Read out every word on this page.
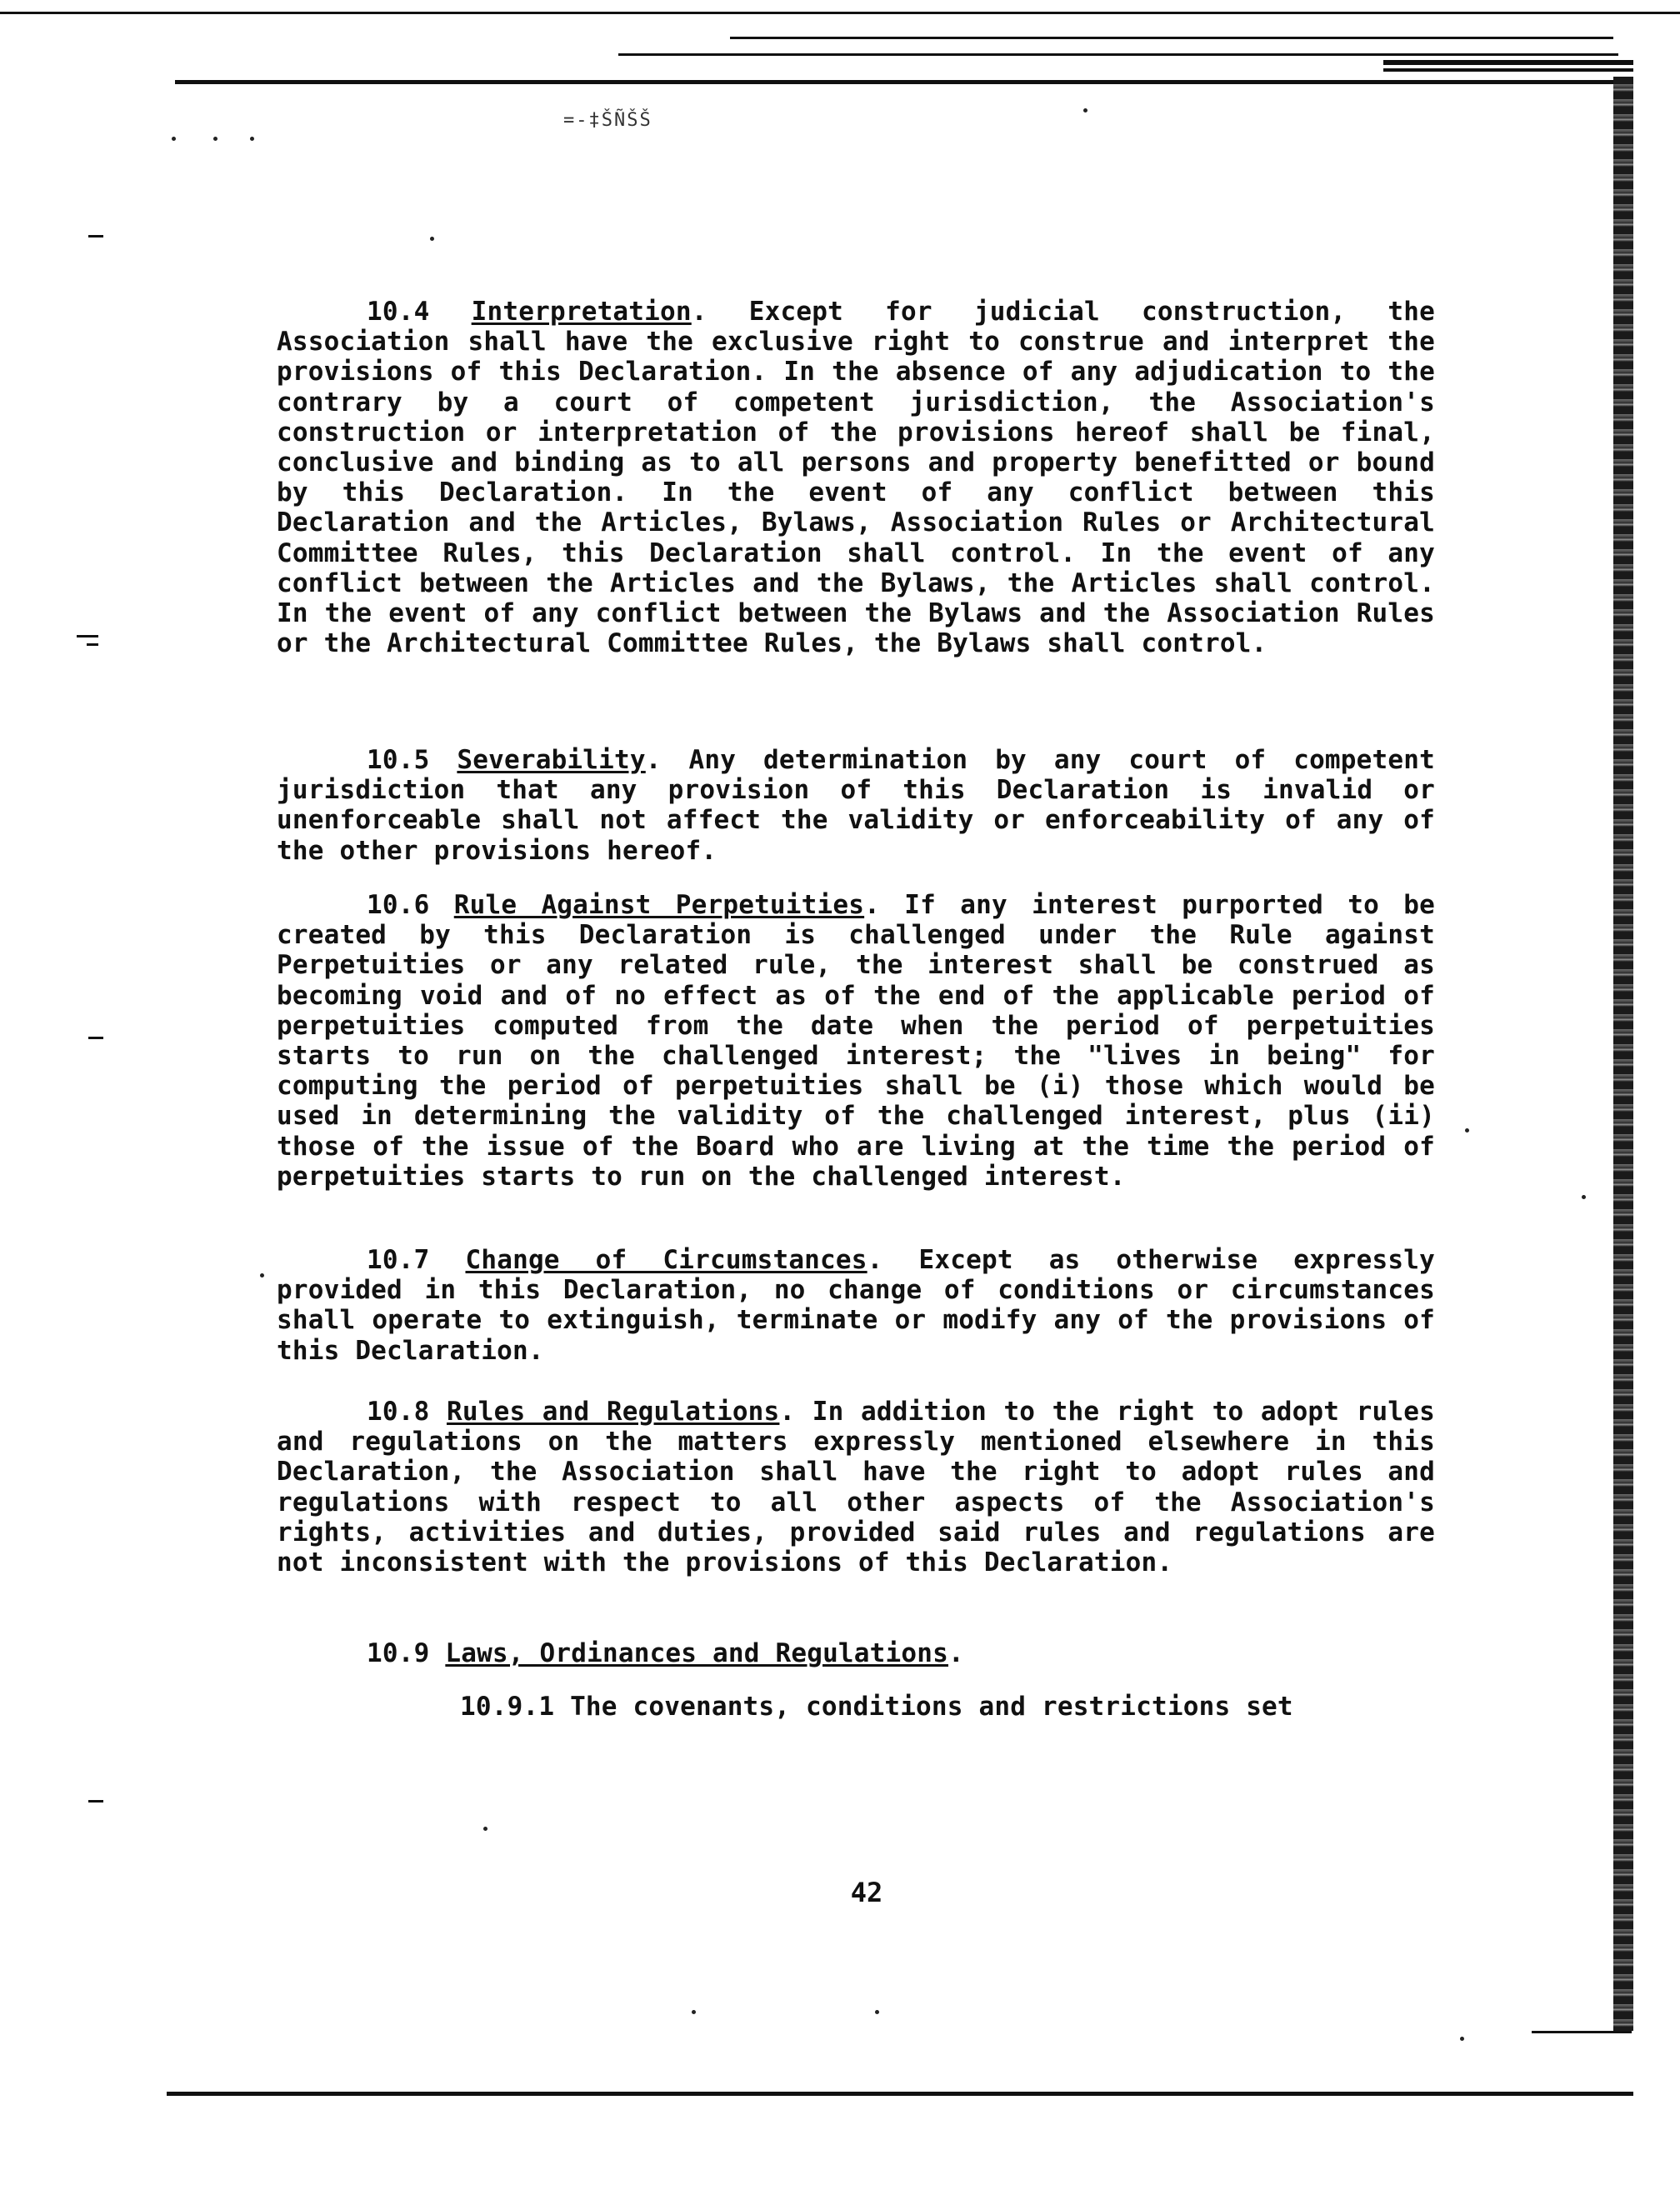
=-‡ŠÑŠŠ
10.4 Interpretation. Except for judicial construction, the Association shall have the exclusive right to construe and interpret the provisions of this Declaration. In the absence of any adjudication to the contrary by a court of competent jurisdiction, the Association's construction or interpretation of the provisions hereof shall be final, conclusive and binding as to all persons and property benefitted or bound by this Declaration. In the event of any conflict between this Declaration and the Articles, Bylaws, Association Rules or Architectural Committee Rules, this Declaration shall control. In the event of any conflict between the Articles and the Bylaws, the Articles shall control. In the event of any conflict between the Bylaws and the Association Rules or the Architectural Committee Rules, the Bylaws shall control.
10.5 Severability. Any determination by any court of competent jurisdiction that any provision of this Declaration is invalid or unenforceable shall not affect the validity or enforceability of any of the other provisions hereof.
10.6 Rule Against Perpetuities. If any interest purported to be created by this Declaration is challenged under the Rule against Perpetuities or any related rule, the interest shall be construed as becoming void and of no effect as of the end of the applicable period of perpetuities computed from the date when the period of perpetuities starts to run on the challenged interest; the "lives in being" for computing the period of perpetuities shall be (i) those which would be used in determining the validity of the challenged interest, plus (ii) those of the issue of the Board who are living at the time the period of perpetuities starts to run on the challenged interest.
10.7 Change of Circumstances. Except as otherwise expressly provided in this Declaration, no change of conditions or circumstances shall operate to extinguish, terminate or modify any of the provisions of this Declaration.
10.8 Rules and Regulations. In addition to the right to adopt rules and regulations on the matters expressly mentioned elsewhere in this Declaration, the Association shall have the right to adopt rules and regulations with respect to all other aspects of the Association's rights, activities and duties, provided said rules and regulations are not inconsistent with the provisions of this Declaration.
10.9 Laws, Ordinances and Regulations.
10.9.1 The covenants, conditions and restrictions set
42
